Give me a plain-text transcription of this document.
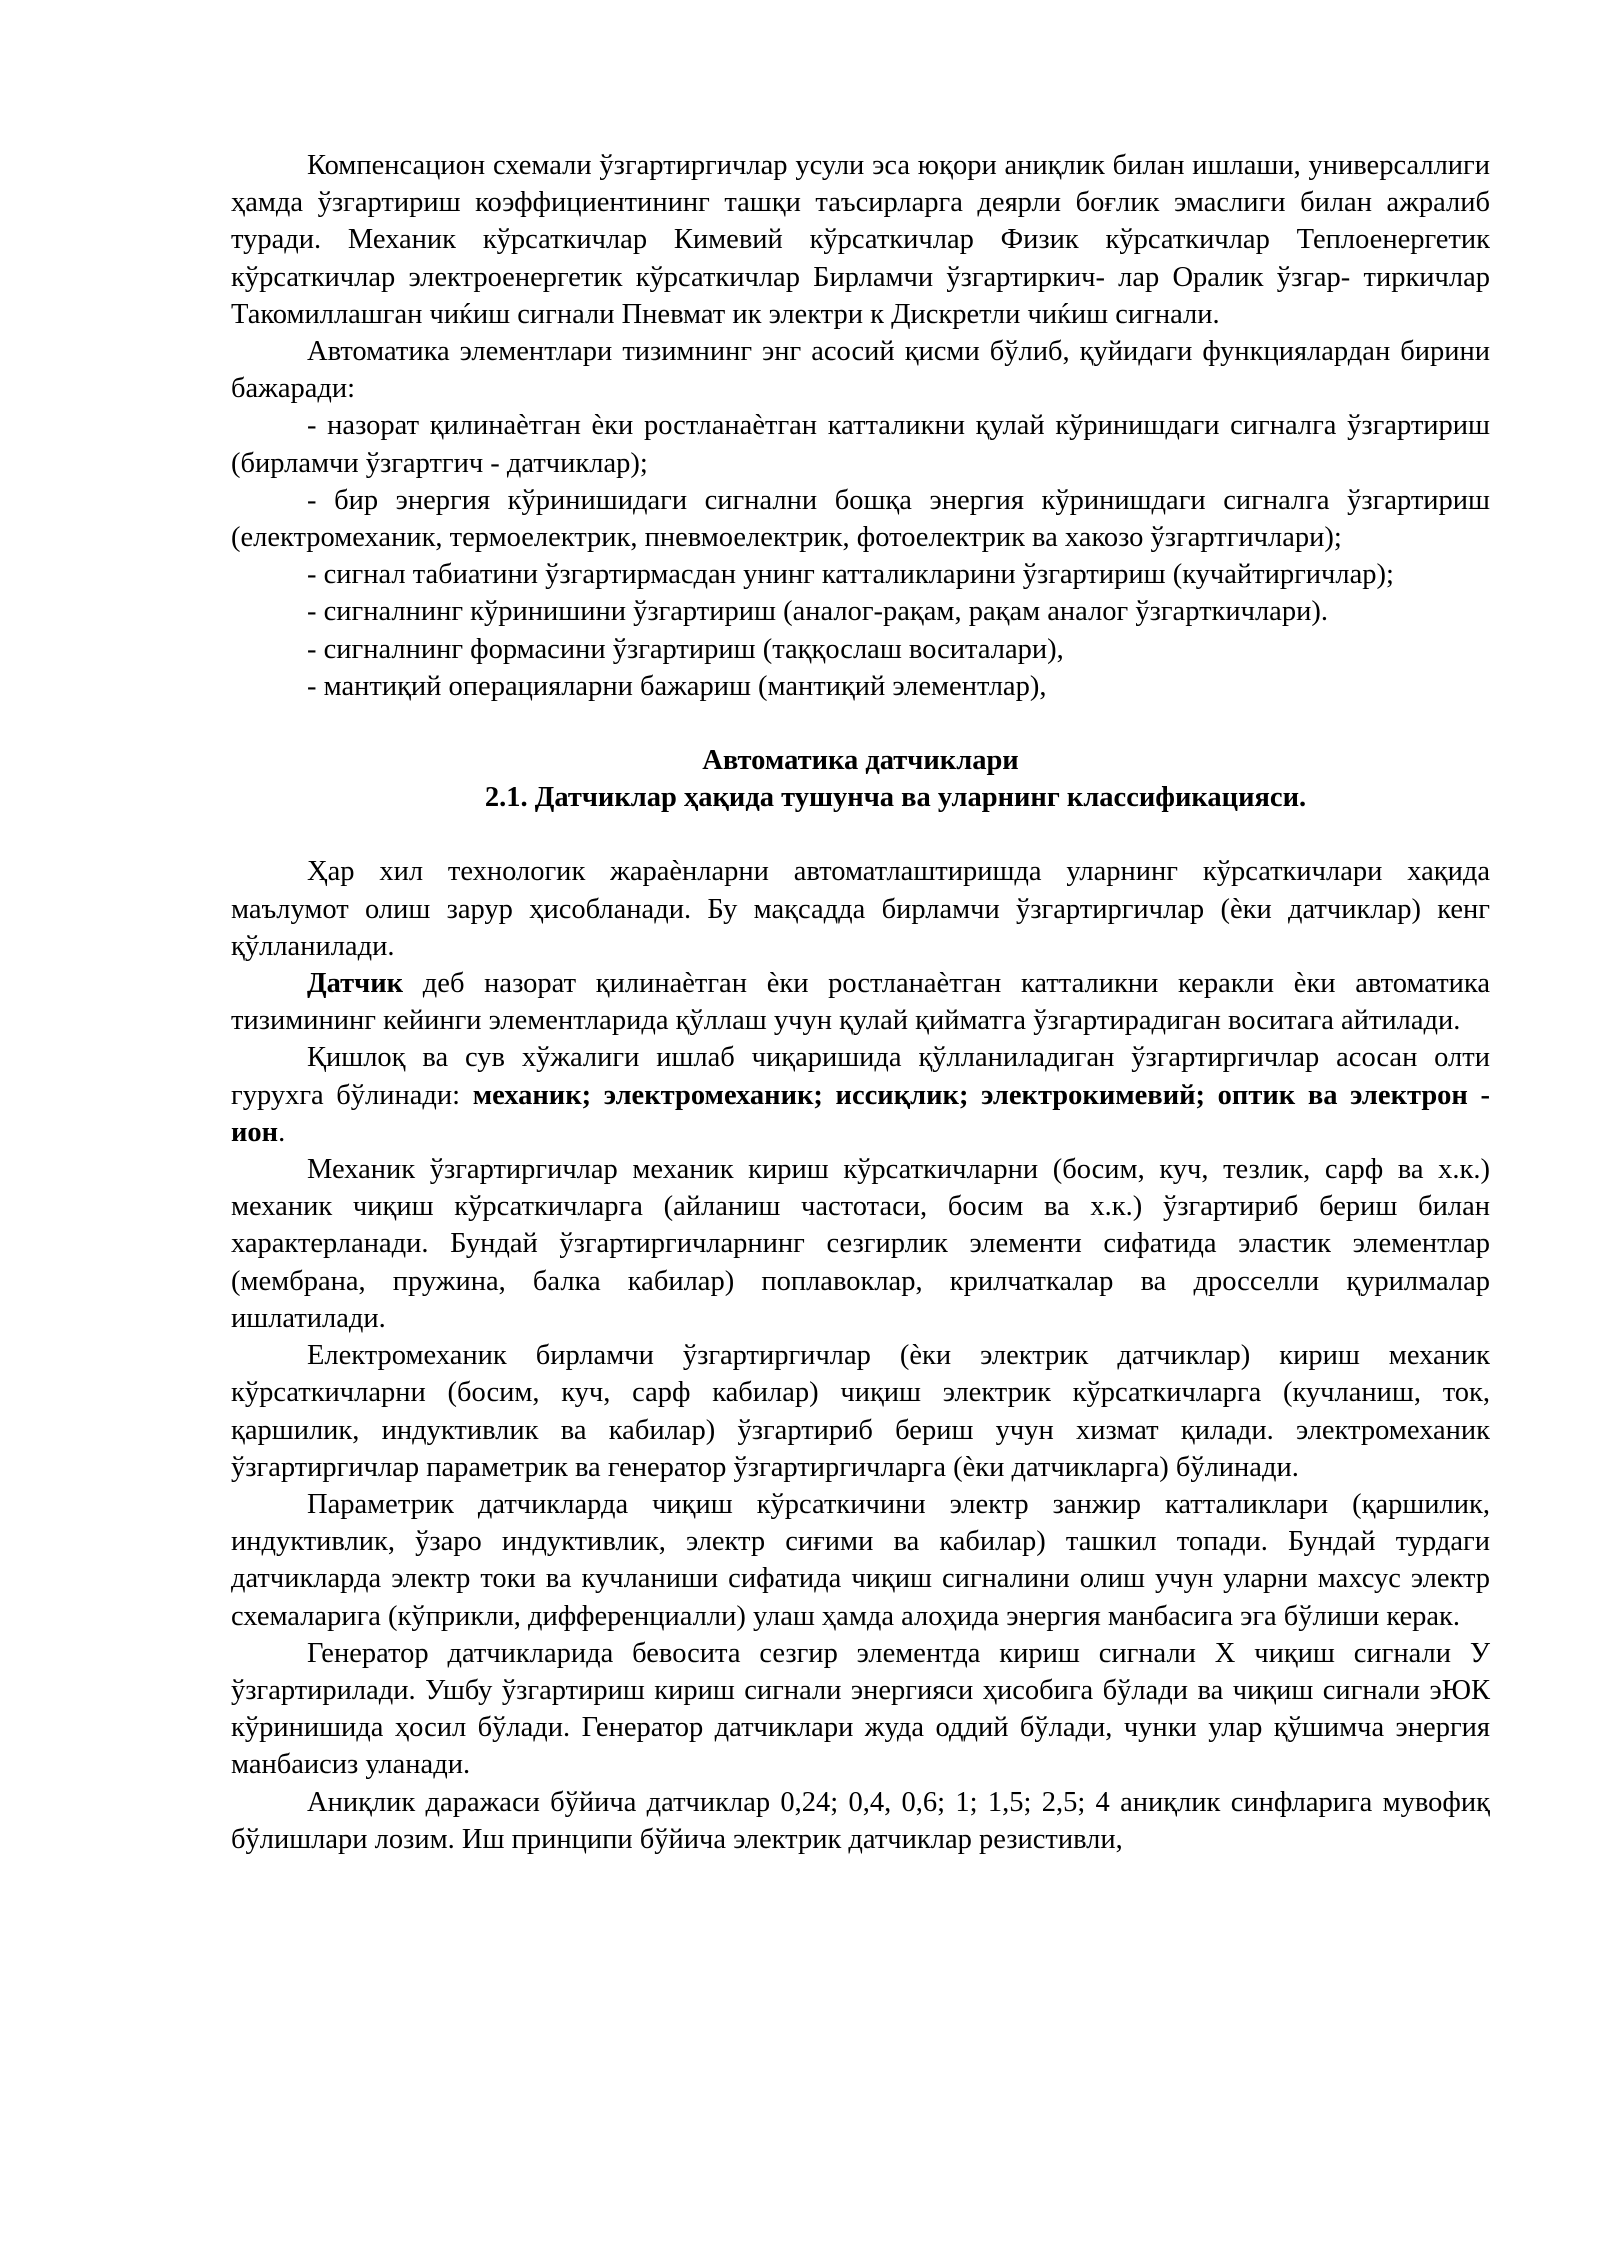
Компенсацион схемали ўзгартиргичлар усули эса юқори аниқлик билан ишлаши, универсаллиги ҳамда ўзгартириш коэффициентининг ташқи таъсирларга деярли боғлик эмаслиги билан ажралиб туради. Механик кўрсаткичлар Кимевий кўрсаткичлар Физик кўрсаткичлар Теплоенергетик кўрсаткичлар электроенергетик кўрсаткичлар Бирламчи ўзгартиркич- лар Оралик ўзгар- тиркичлар Такомиллашган чиќиш сигнали Пневмат ик электри к Дискретли чиќиш сигнали.

Автоматика элементлари тизимнинг энг асосий қисми бўлиб, қуйидаги функциялардан бирини бажаради:

- назорат қилинаѐтган ѐки ростланаѐтган катталикни қулай кўринишдаги сигналга ўзгартириш (бирламчи ўзгартгич - датчиклар);

- бир энергия кўринишидаги сигнални бошқа энергия кўринишдаги сигналга ўзгартириш (електромеханик, термоелектрик, пневмоелектрик, фотоелектрик ва хакозо ўзгартгичлари);

- сигнал табиатини ўзгартирмасдан унинг катталикларини ўзгартириш (кучайтиргичлар);

- сигналнинг кўринишини ўзгартириш (аналог-рақам, рақам аналог ўзгарткичлари).

- сигналнинг формасини ўзгартириш (таққослаш воситалари),

- мантиқий операцияларни бажариш (мантиқий элементлар),

Автоматика датчиклари

2.1. Датчиклар ҳақида тушунча ва уларнинг классификацияси.

Ҳар хил технологик жараѐнларни автоматлаштиришда уларнинг кўрсаткичлари хақида маълумот олиш зарур ҳисобланади. Бу мақсадда бирламчи ўзгартиргичлар (ѐки датчиклар) кенг қўлланилади.

Датчик деб назорат қилинаѐтган ѐки ростланаѐтган катталикни керакли ѐки автоматика тизимининг кейинги элементларида қўллаш учун қулай қийматга ўзгартирадиган воситага айтилади.

Қишлоқ ва сув хўжалиги ишлаб чиқаришида қўлланиладиган ўзгартиргичлар асосан олти гурухга бўлинади: механик; электромеханик; иссиқлик; электрокимевий; оптик ва электрон - ион.

Механик ўзгартиргичлар механик кириш кўрсаткичларни (босим, куч, тезлик, сарф ва х.к.) механик чиқиш кўрсаткичларга (айланиш частотаси, босим ва х.к.) ўзгартириб бериш билан характерланади. Бундай ўзгартиргичларнинг сезгирлик элементи сифатида эластик элементлар (мембрана, пружина, балка кабилар) поплавоклар, крилчаткалар ва дросселли қурилмалар ишлатилади.

Електромеханик бирламчи ўзгартиргичлар (ѐки электрик датчиклар) кириш механик кўрсаткичларни (босим, куч, сарф кабилар) чиқиш электрик кўрсаткичларга (кучланиш, ток, қаршилик, индуктивлик ва кабилар) ўзгартириб бериш учун хизмат қилади. электромеханик ўзгартиргичлар параметрик ва генератор ўзгартиргичларга (ѐки датчикларга) бўлинади.

Параметрик датчикларда чиқиш кўрсаткичини электр занжир катталиклари (қаршилик, индуктивлик, ўзаро индуктивлик, электр сиғими ва кабилар) ташкил топади. Бундай турдаги датчикларда электр токи ва кучланиши сифатида чиқиш сигналини олиш учун уларни махсус электр схемаларига (кўприкли, дифференциалли) улаш ҳамда алоҳида энергия манбасига эга бўлиши керак.

Генератор датчикларида бевосита сезгир элементда кириш сигнали X чиқиш сигнали У ўзгартирилади. Ушбу ўзгартириш кириш сигнали энергияси ҳисобига бўлади ва чиқиш сигнали эЮК кўринишида ҳосил бўлади. Генератор датчиклари жуда оддий бўлади, чунки улар қўшимча энергия манбаисиз уланади.

Аниқлик даражаси бўйича датчиклар 0,24; 0,4, 0,6; 1; 1,5; 2,5; 4 аниқлик синфларига мувофиқ бўлишлари лозим. Иш принципи бўйича электрик датчиклар резистивли,
